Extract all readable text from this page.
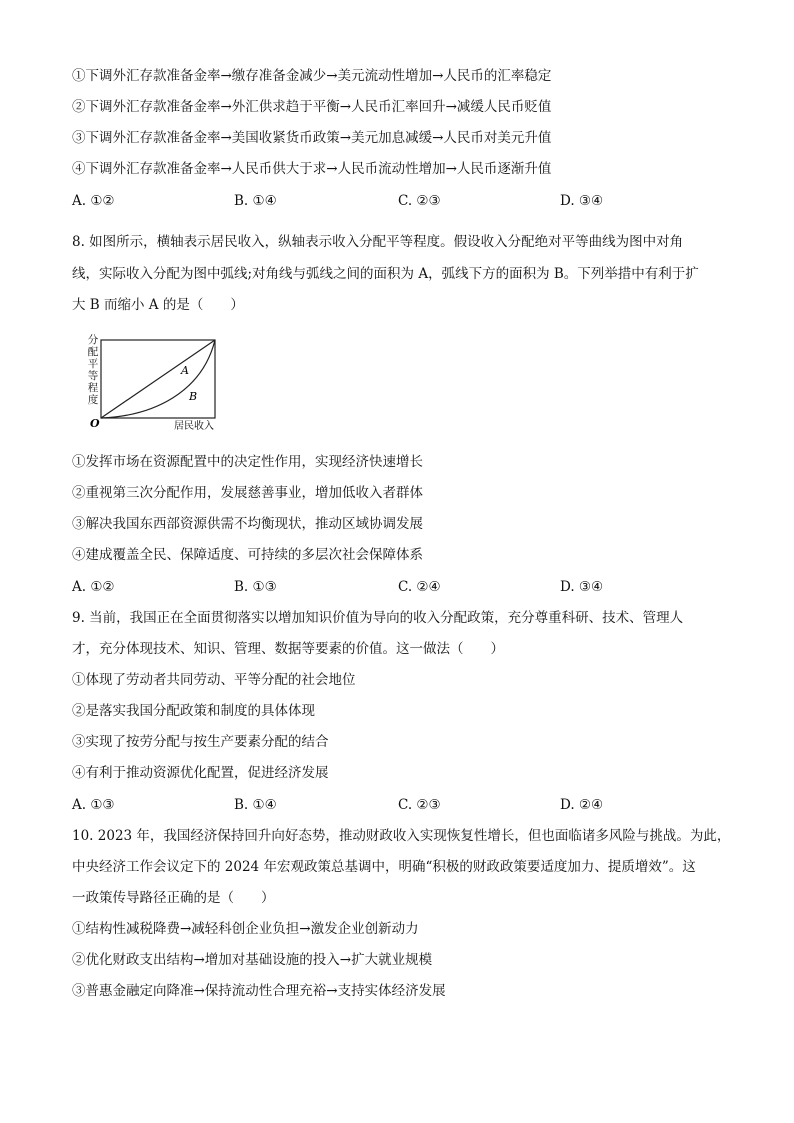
①下调外汇存款准备金率→缴存准备金减少→美元流动性增加→人民币的汇率稳定
②下调外汇存款准备金率→外汇供求趋于平衡→人民币汇率回升→减缓人民币贬值
③下调外汇存款准备金率→美国收紧货币政策→美元加息减缓→人民币对美元升值
④下调外汇存款准备金率→人民币供大于求→人民币流动性增加→人民币逐渐升值
A. ①②	B. ①④	C. ②③	D. ③④
8. 如图所示，横轴表示居民收入，纵轴表示收入分配平等程度。假设收入分配绝对平等曲线为图中对角
线，实际收入分配为图中弧线;对角线与弧线之间的面积为 A，弧线下方的面积为 B。下列举措中有利于扩
大 B 而缩小 A 的是（　　）
分
配
平
等
程
度
A
B
O	居民收入
①发挥市场在资源配置中的决定性作用，实现经济快速增长
②重视第三次分配作用，发展慈善事业，增加低收入者群体
③解决我国东西部资源供需不均衡现状，推动区域协调发展
④建成覆盖全民、保障适度、可持续的多层次社会保障体系
A. ①②	B. ①③	C. ②④	D. ③④
9. 当前，我国正在全面贯彻落实以增加知识价值为导向的收入分配政策，充分尊重科研、技术、管理人
才，充分体现技术、知识、管理、数据等要素的价值。这一做法（　　）
①体现了劳动者共同劳动、平等分配的社会地位
②是落实我国分配政策和制度的具体体现
③实现了按劳分配与按生产要素分配的结合
④有利于推动资源优化配置，促进经济发展
A. ①③	B. ①④	C. ②③	D. ②④
10. 2023 年，我国经济保持回升向好态势，推动财政收入实现恢复性增长，但也面临诸多风险与挑战。为此，
中央经济工作会议定下的 2024 年宏观政策总基调中，明确“积极的财政政策要适度加力、提质增效”。这
一政策传导路径正确的是（　　）
①结构性减税降费→减轻科创企业负担→激发企业创新动力
②优化财政支出结构→增加对基础设施的投入→扩大就业规模
③普惠金融定向降准→保持流动性合理充裕→支持实体经济发展
